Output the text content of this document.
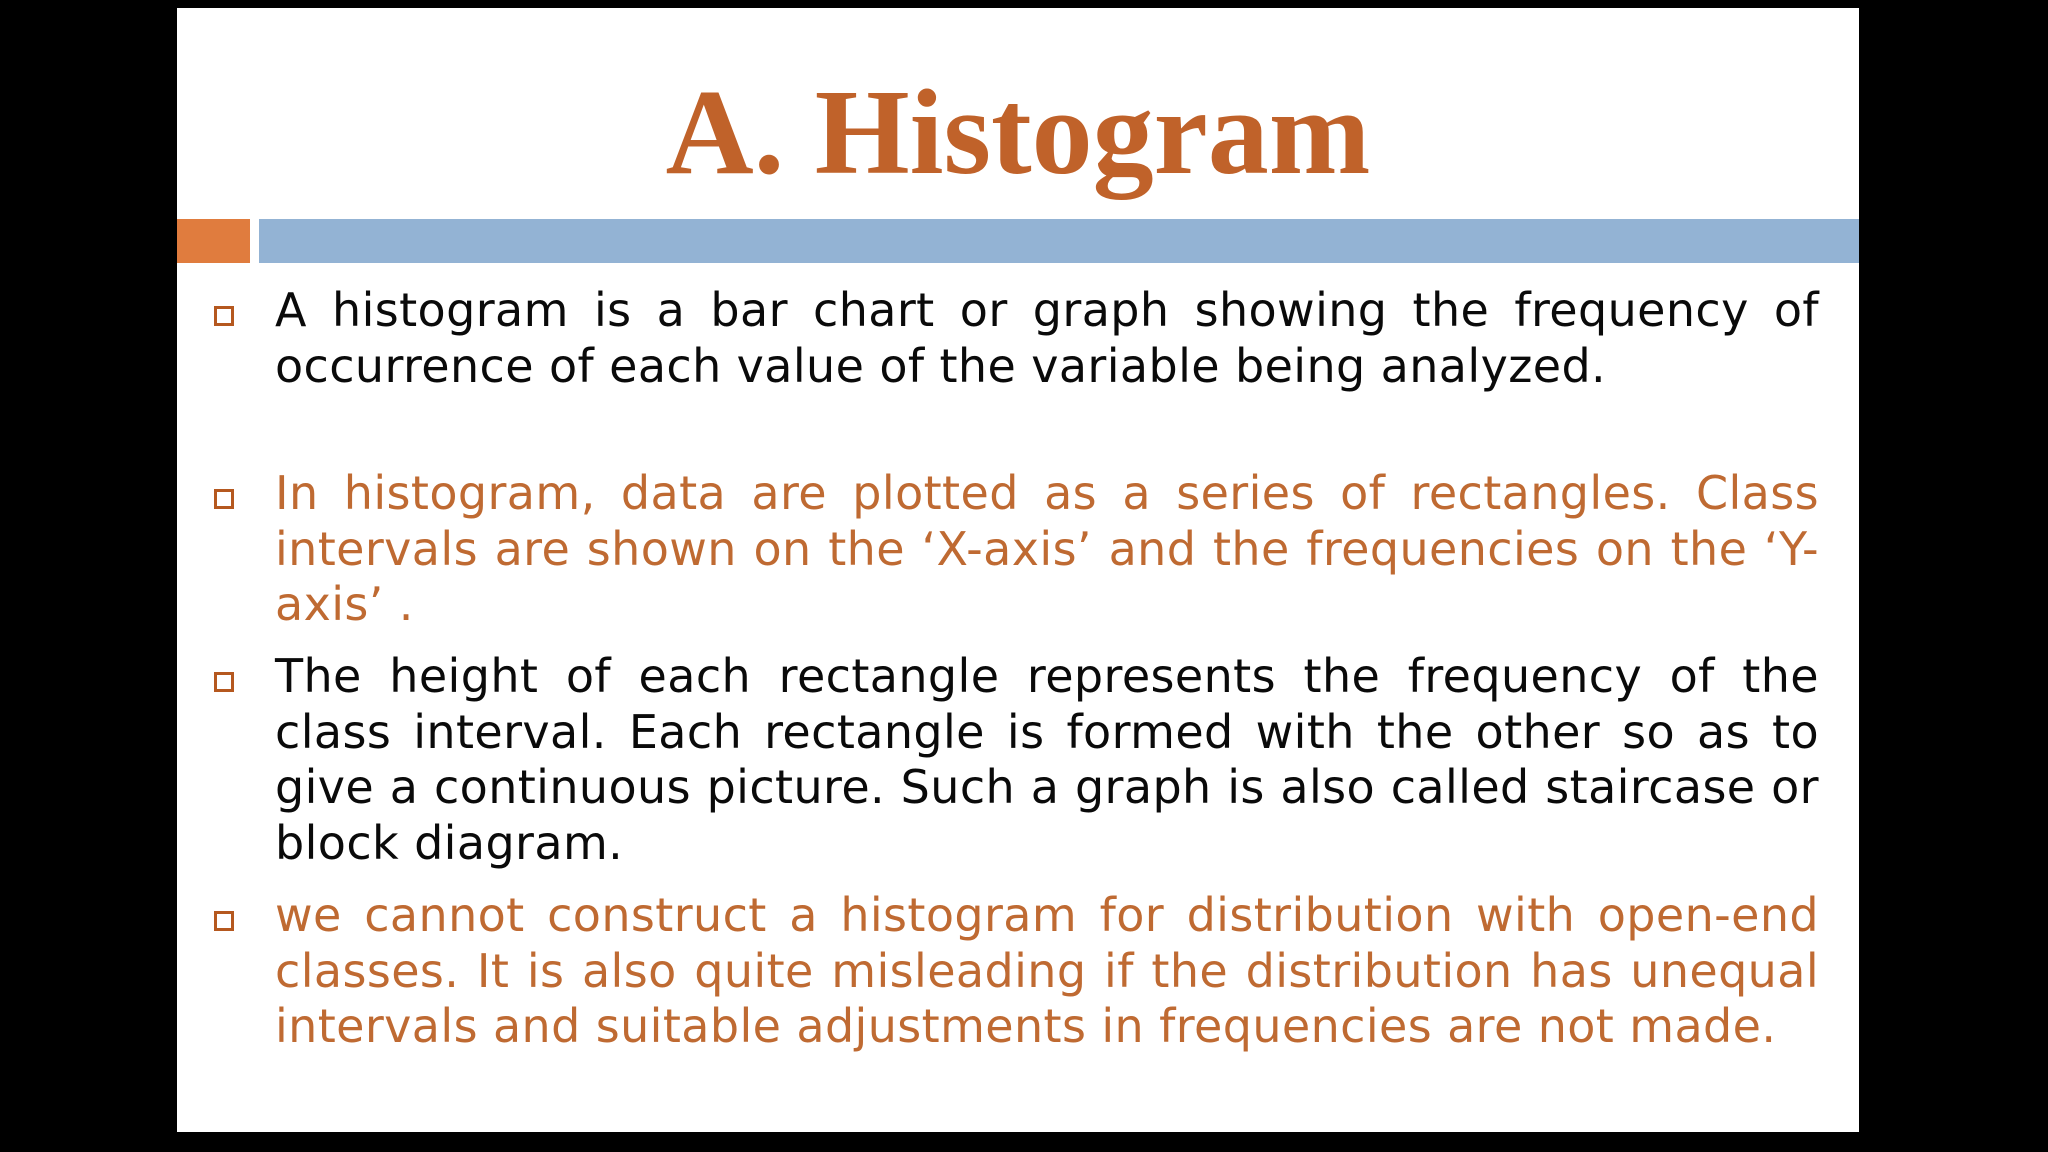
A. Histogram
A histogram is a bar chart or graph showing the frequency of occurrence of each value of the variable being analyzed.
In histogram, data are plotted as a series of rectangles. Class intervals are shown on the ‘X-axis’ and the frequencies on the ‘Y-axis’ .
The height of each rectangle represents the frequency of the class interval. Each rectangle is formed with the other so as to give a continuous picture. Such a graph is also called staircase or block diagram.
we cannot construct a histogram for distribution with open-end classes. It is also quite misleading if the distribution has unequal intervals and suitable adjustments in frequencies are not made.
